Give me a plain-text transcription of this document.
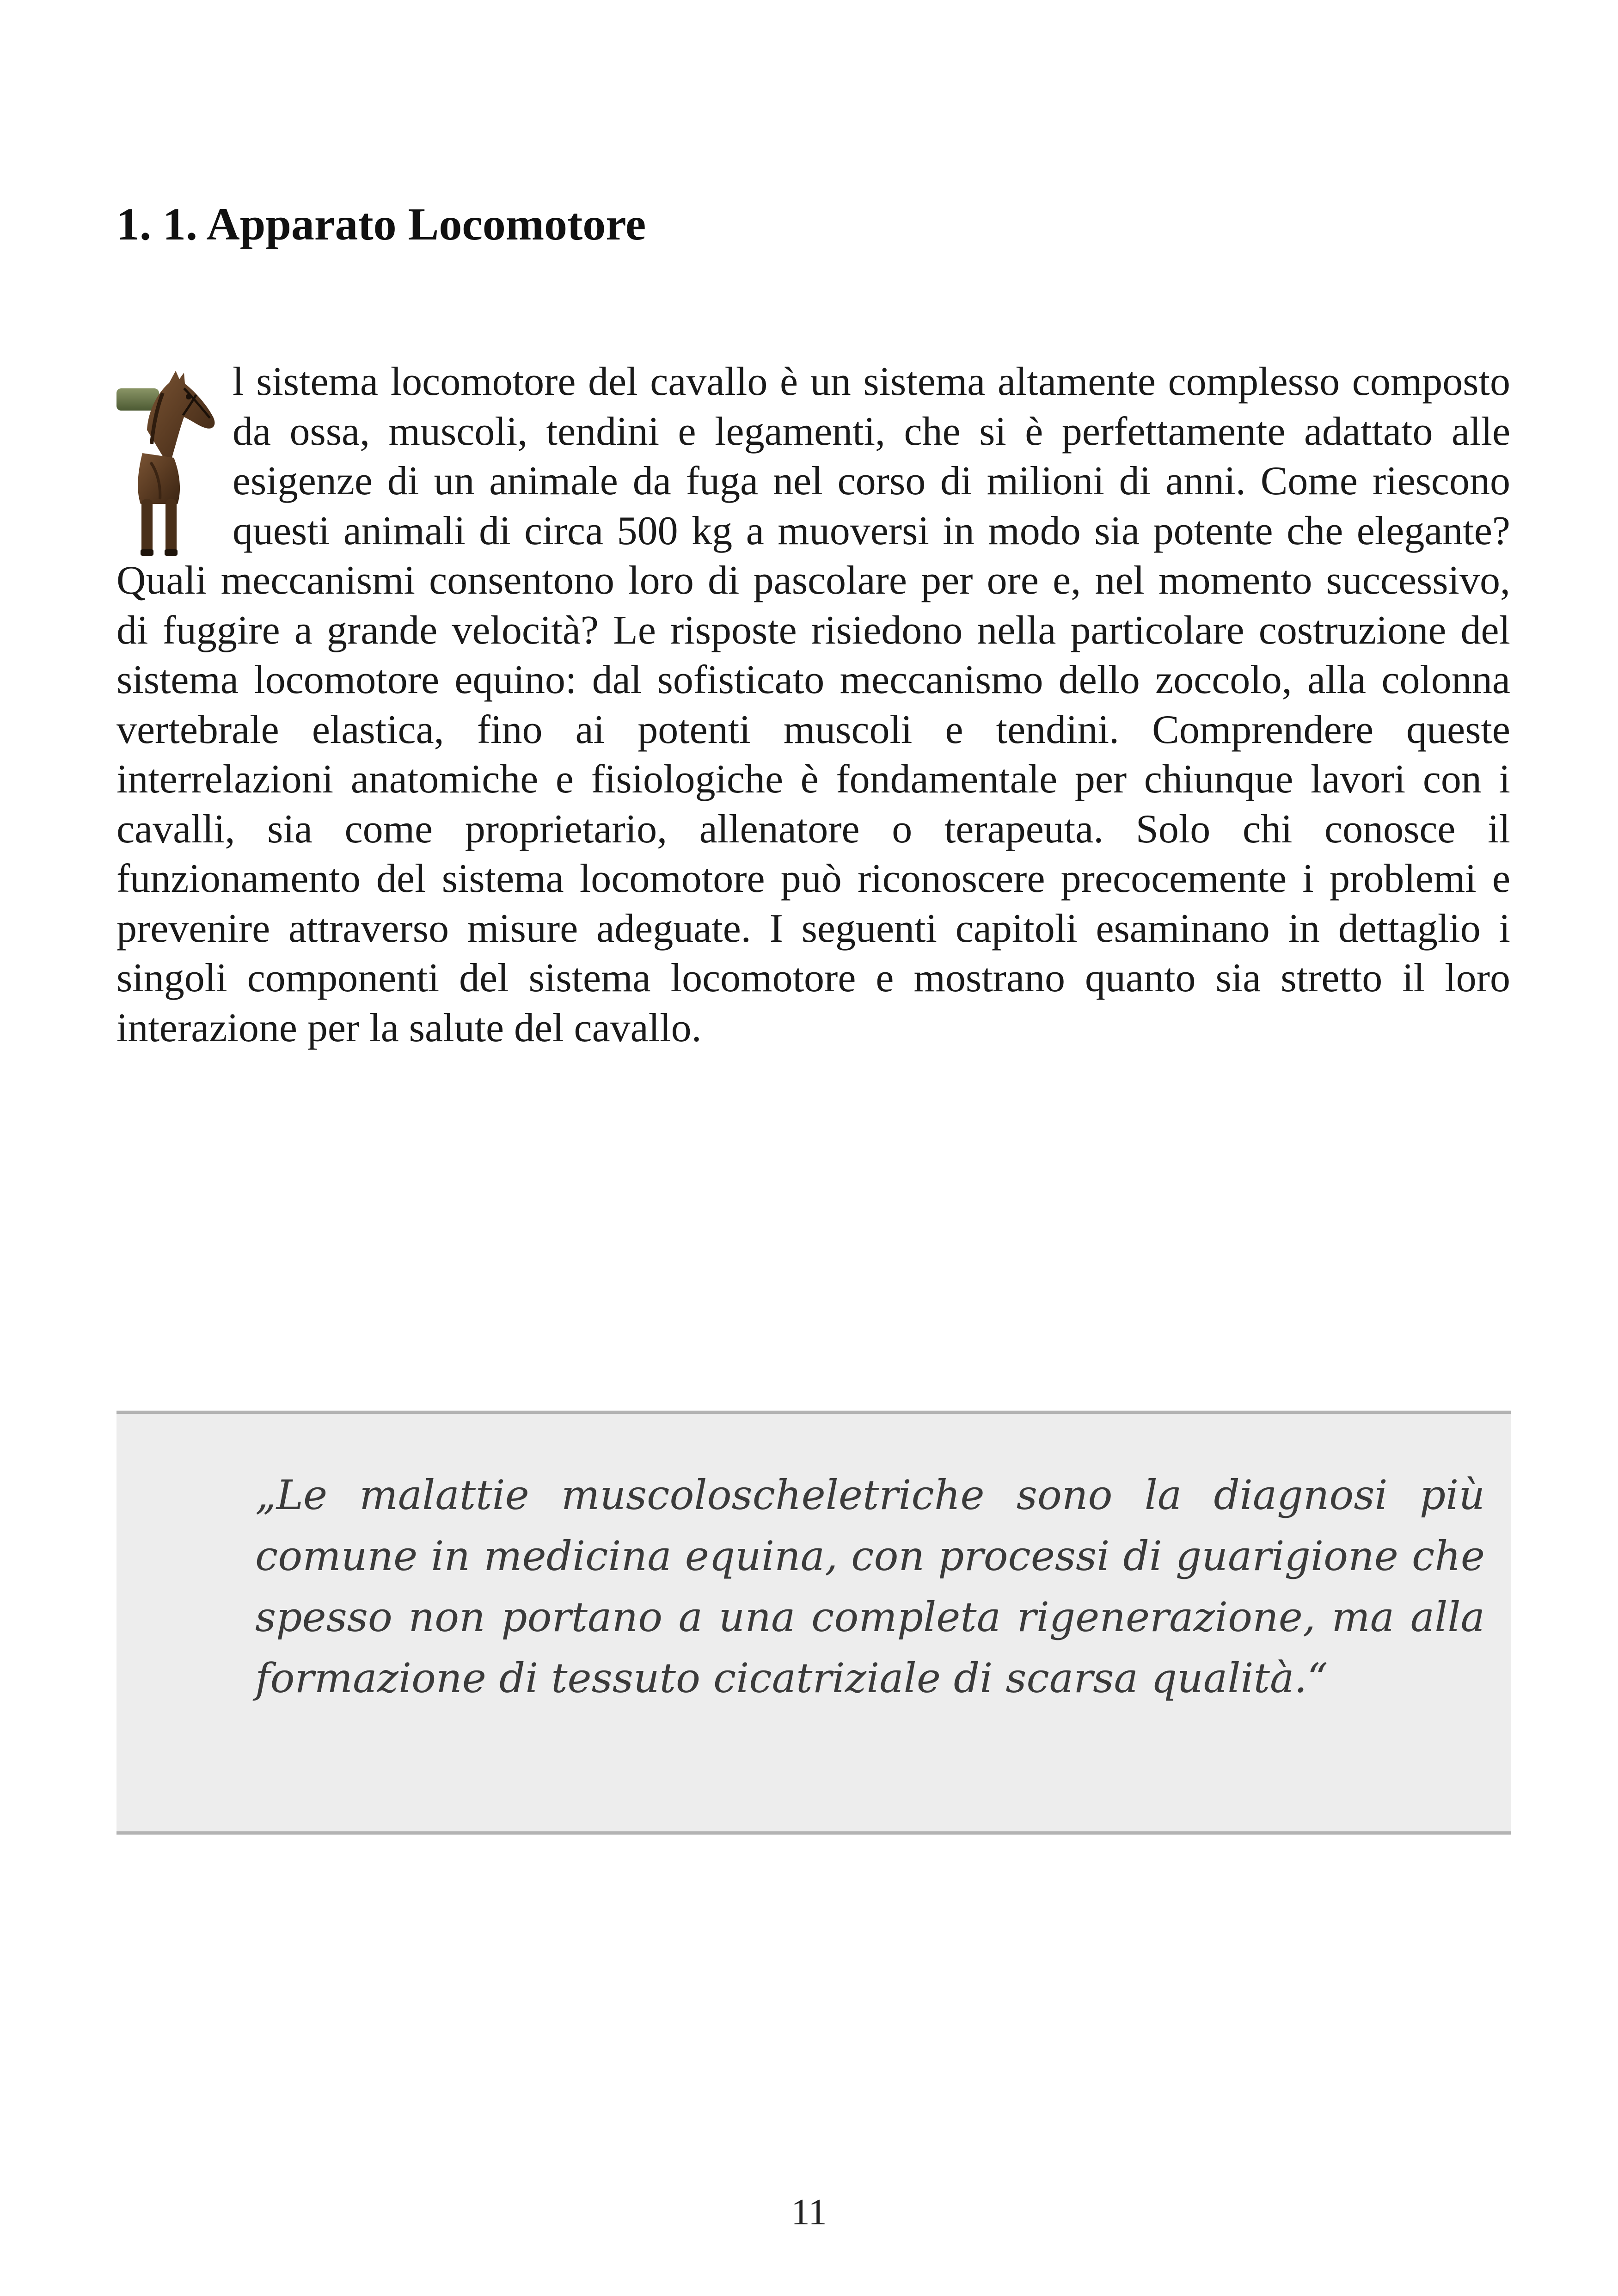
1. 1. Apparato Locomotore

l sistema locomotore del cavallo è un sistema altamente complesso composto da ossa, muscoli, tendini e legamenti, che si è perfettamente adattato alle esigenze di un animale da fuga nel corso di milioni di anni. Come riescono questi animali di circa 500 kg a muoversi in modo sia potente che elegante? Quali meccanismi consentono loro di pascolare per ore e, nel momento successivo, di fuggire a grande velocità? Le risposte risiedono nella particolare costruzione del sistema locomotore equino: dal sofisticato meccanismo dello zoccolo, alla colonna vertebrale elastica, fino ai potenti muscoli e tendini. Comprendere queste interrelazioni anatomiche e fisiologiche è fondamentale per chiunque lavori con i cavalli, sia come proprietario, allenatore o terapeuta. Solo chi conosce il funzionamento del sistema locomotore può riconoscere precocemente i problemi e prevenire attraverso misure adeguate. I seguenti capitoli esaminano in dettaglio i singoli componenti del sistema locomotore e mostrano quanto sia stretto il loro interazione per la salute del cavallo.

„Le malattie muscoloscheletriche sono la diagnosi più comune in medicina equina, con processi di guarigione che spesso non portano a una completa rigenerazione, ma alla formazione di tessuto cicatriziale di scarsa qualità.“

11
